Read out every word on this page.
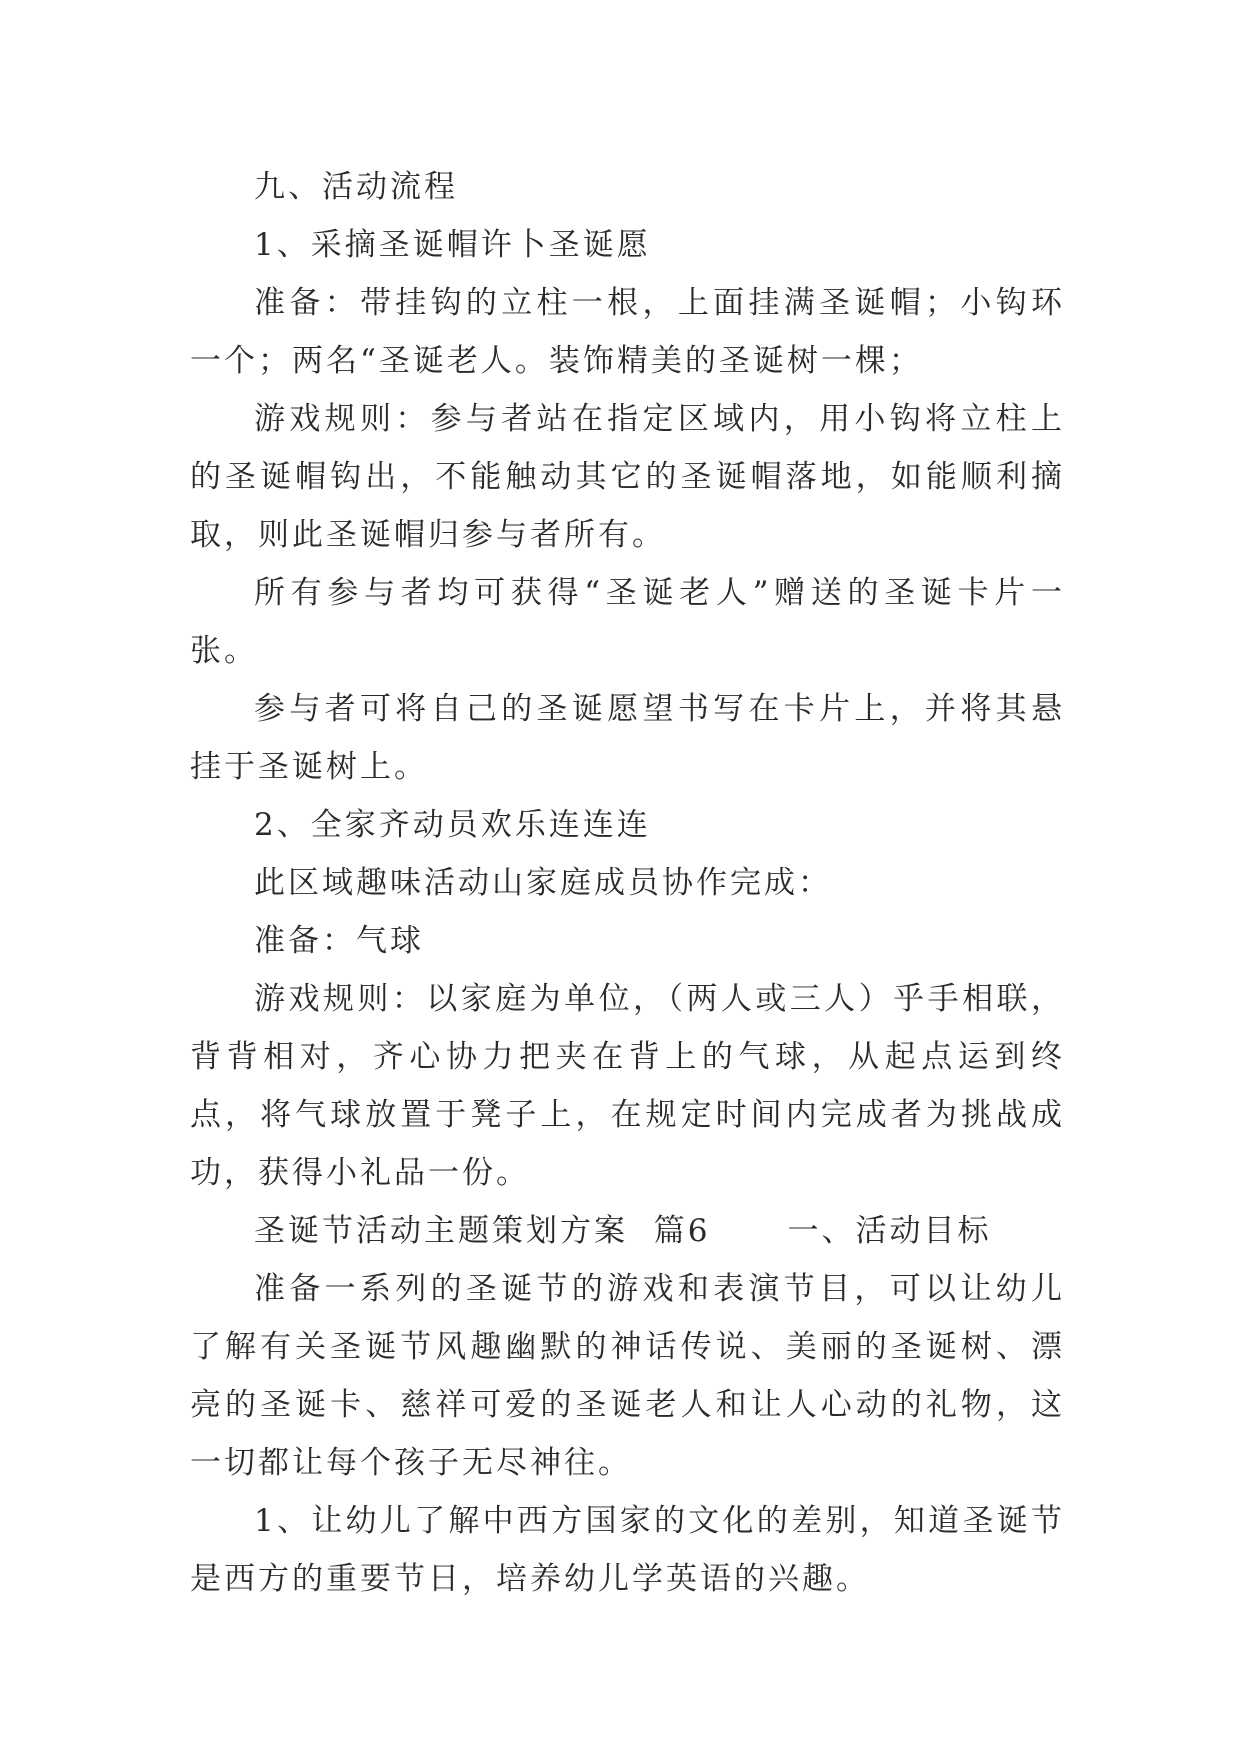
九、活动流程

1、采摘圣诞帽许卜圣诞愿

准备：带挂钩的立柱一根，上面挂满圣诞帽；小钩环一个；两名“圣诞老人。装饰精美的圣诞树一棵；

游戏规则：参与者站在指定区域内，用小钩将立柱上的圣诞帽钩出，不能触动其它的圣诞帽落地，如能顺利摘取，则此圣诞帽归参与者所有。

所有参与者均可获得“圣诞老人”赠送的圣诞卡片一张。

参与者可将自己的圣诞愿望书写在卡片上，并将其悬挂于圣诞树上。

2、全家齐动员欢乐连连连

此区域趣味活动山家庭成员协作完成：

准备：气球

游戏规则：以家庭为单位，（两人或三人）乎手相联，背背相对，齐心协力把夹在背上的气球，从起点运到终点，将气球放置于凳子上，在规定时间内完成者为挑战成功，获得小礼品一份。

圣诞节活动主题策划方案  篇6      一、活动目标

准备一系列的圣诞节的游戏和表演节目，可以让幼儿了解有关圣诞节风趣幽默的神话传说、美丽的圣诞树、漂亮的圣诞卡、慈祥可爱的圣诞老人和让人心动的礼物，这一切都让每个孩子无尽神往。

1、让幼儿了解中西方国家的文化的差别，知道圣诞节是西方的重要节日，培养幼儿学英语的兴趣。
